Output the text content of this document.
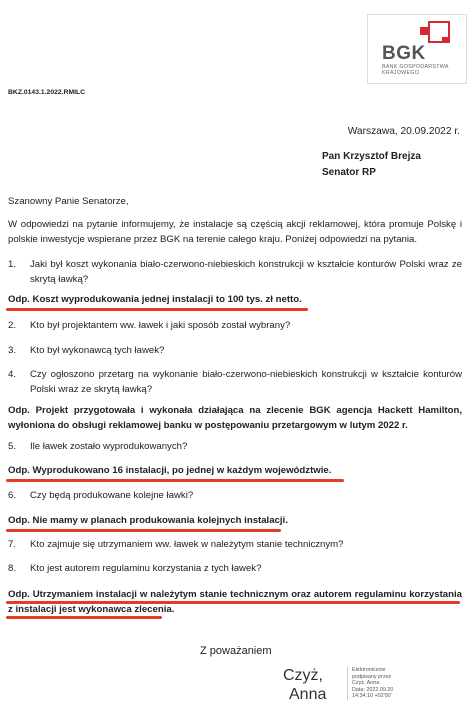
BGK
BANK GOSPODARSTWA
KRAJOWEGO
BKZ.0143.1.2022.RMILC
Warszawa, 20.09.2022 r.
Pan Krzysztof Brejza
Senator RP
Szanowny Panie Senatorze,
W odpowiedzi na pytanie informujemy, że instalacje są częścią akcji reklamowej, która promuje Polskę i polskie inwestycje wspierane przez BGK na terenie całego kraju. Poniżej odpowiedzi na pytania.
1. Jaki był koszt wykonania biało-czerwono-niebieskich konstrukcji w kształcie konturów Polski wraz ze skrytą ławką?
Odp. Koszt wyprodukowania jednej instalacji to 100 tys. zł netto.
2. Kto był projektantem ww. ławek i jaki sposób został wybrany?
3. Kto był wykonawcą tych ławek?
4. Czy ogłoszono przetarg na wykonanie biało-czerwono-niebieskich konstrukcji w kształcie konturów Polski wraz ze skrytą ławką?
Odp. Projekt przygotowała i wykonała działająca na zlecenie BGK agencja Hackett Hamilton, wyłoniona do obsługi reklamowej banku w postępowaniu przetargowym w lutym 2022 r.
5. Ile ławek zostało wyprodukowanych?
Odp. Wyprodukowano 16 instalacji, po jednej w każdym województwie.
6. Czy będą produkowane kolejne ławki?
Odp. Nie mamy w planach produkowania kolejnych instalacji.
7. Kto zajmuje się utrzymaniem ww. ławek w należytym stanie technicznym?
8. Kto jest autorem regulaminu korzystania z tych ławek?
Odp. Utrzymaniem instalacji w należytym stanie technicznym oraz autorem regulaminu korzystania z instalacji jest wykonawca zlecenia.
Z poważaniem
Czyż,
Anna
Elektronicznie
podpisany przez
Czyż, Anna
Data: 2022.09.20
14:34:10 +02'00'
